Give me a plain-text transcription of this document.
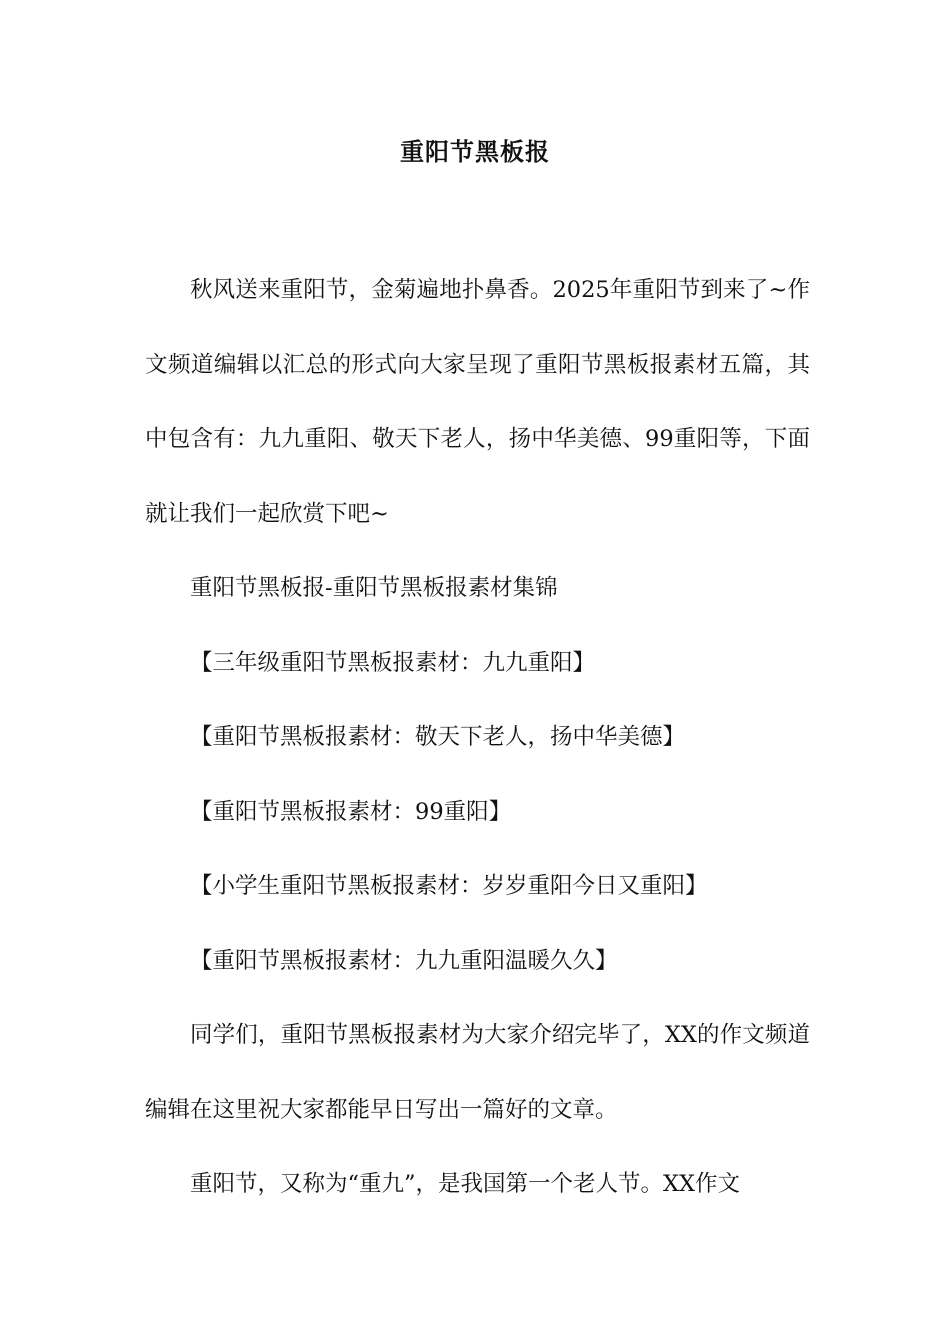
重阳节黑板报

秋风送来重阳节，金菊遍地扑鼻香。2025年重阳节到来了~作文频道编辑以汇总的形式向大家呈现了重阳节黑板报素材五篇，其中包含有：九九重阳、敬天下老人，扬中华美德、99重阳等，下面就让我们一起欣赏下吧~

重阳节黑板报-重阳节黑板报素材集锦

【三年级重阳节黑板报素材：九九重阳】

【重阳节黑板报素材：敬天下老人，扬中华美德】

【重阳节黑板报素材：99重阳】

【小学生重阳节黑板报素材：岁岁重阳今日又重阳】

【重阳节黑板报素材：九九重阳温暖久久】

同学们，重阳节黑板报素材为大家介绍完毕了，XX的作文频道编辑在这里祝大家都能早日写出一篇好的文章。

重阳节，又称为“重九”，是我国第一个老人节。XX作文
